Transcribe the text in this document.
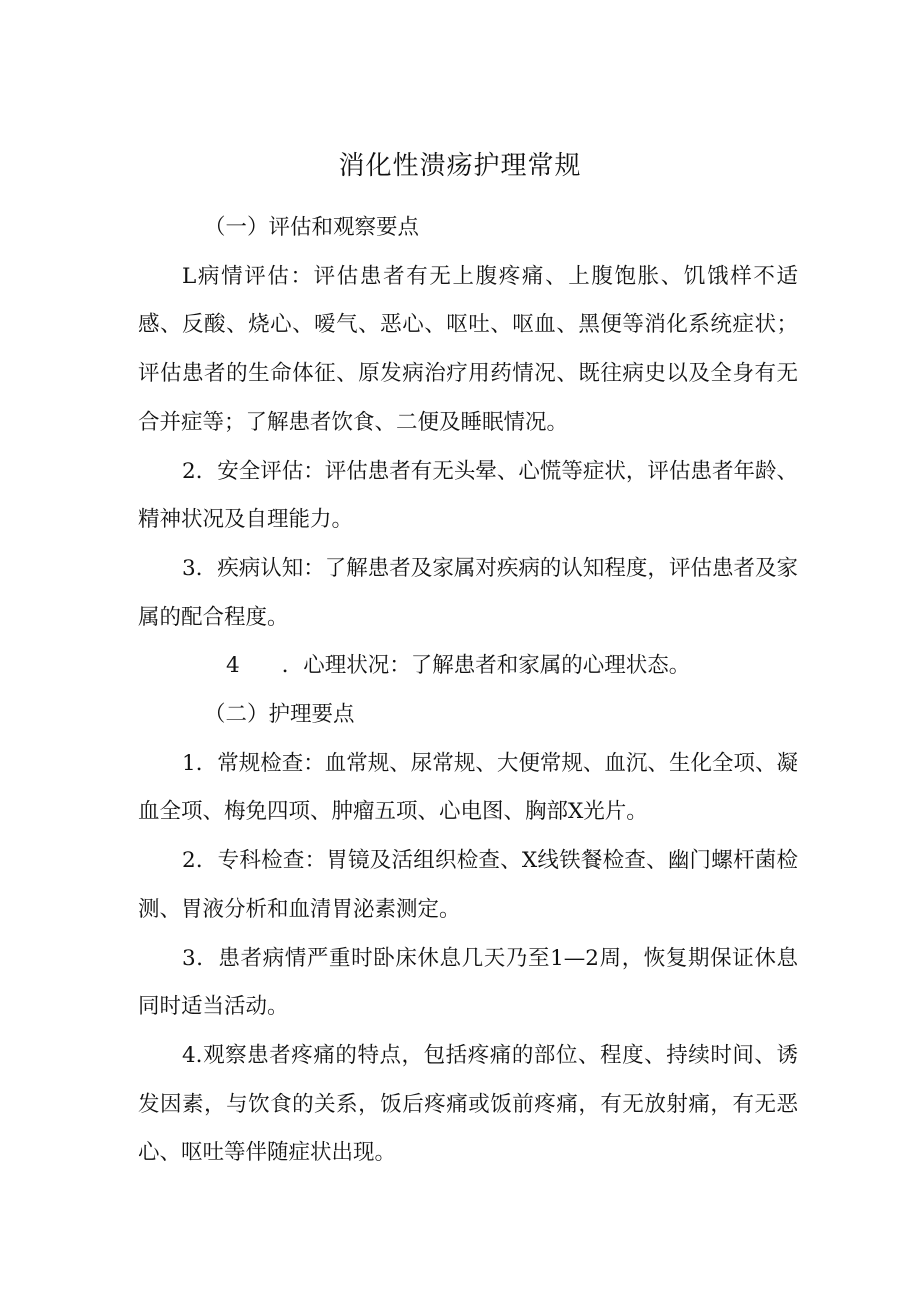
消化性溃疡护理常规

（一）评估和观察要点

L病情评估：评估患者有无上腹疼痛、上腹饱胀、饥饿样不适感、反酸、烧心、嗳气、恶心、呕吐、呕血、黑便等消化系统症状；评估患者的生命体征、原发病治疗用药情况、既往病史以及全身有无合并症等；了解患者饮食、二便及睡眠情况。

2．安全评估：评估患者有无头晕、心慌等症状，评估患者年龄、精神状况及自理能力。

3．疾病认知：了解患者及家属对疾病的认知程度，评估患者及家属的配合程度。

4 ．心理状况：了解患者和家属的心理状态。

（二）护理要点

1．常规检查：血常规、尿常规、大便常规、血沉、生化全项、凝血全项、梅免四项、肿瘤五项、心电图、胸部X光片。

2．专科检查：胃镜及活组织检查、X线铁餐检查、幽门螺杆菌检测、胃液分析和血清胃泌素测定。

3．患者病情严重时卧床休息几天乃至1—2周，恢复期保证休息同时适当活动。

4.观察患者疼痛的特点，包括疼痛的部位、程度、持续时间、诱发因素，与饮食的关系，饭后疼痛或饭前疼痛，有无放射痛，有无恶心、呕吐等伴随症状出现。
